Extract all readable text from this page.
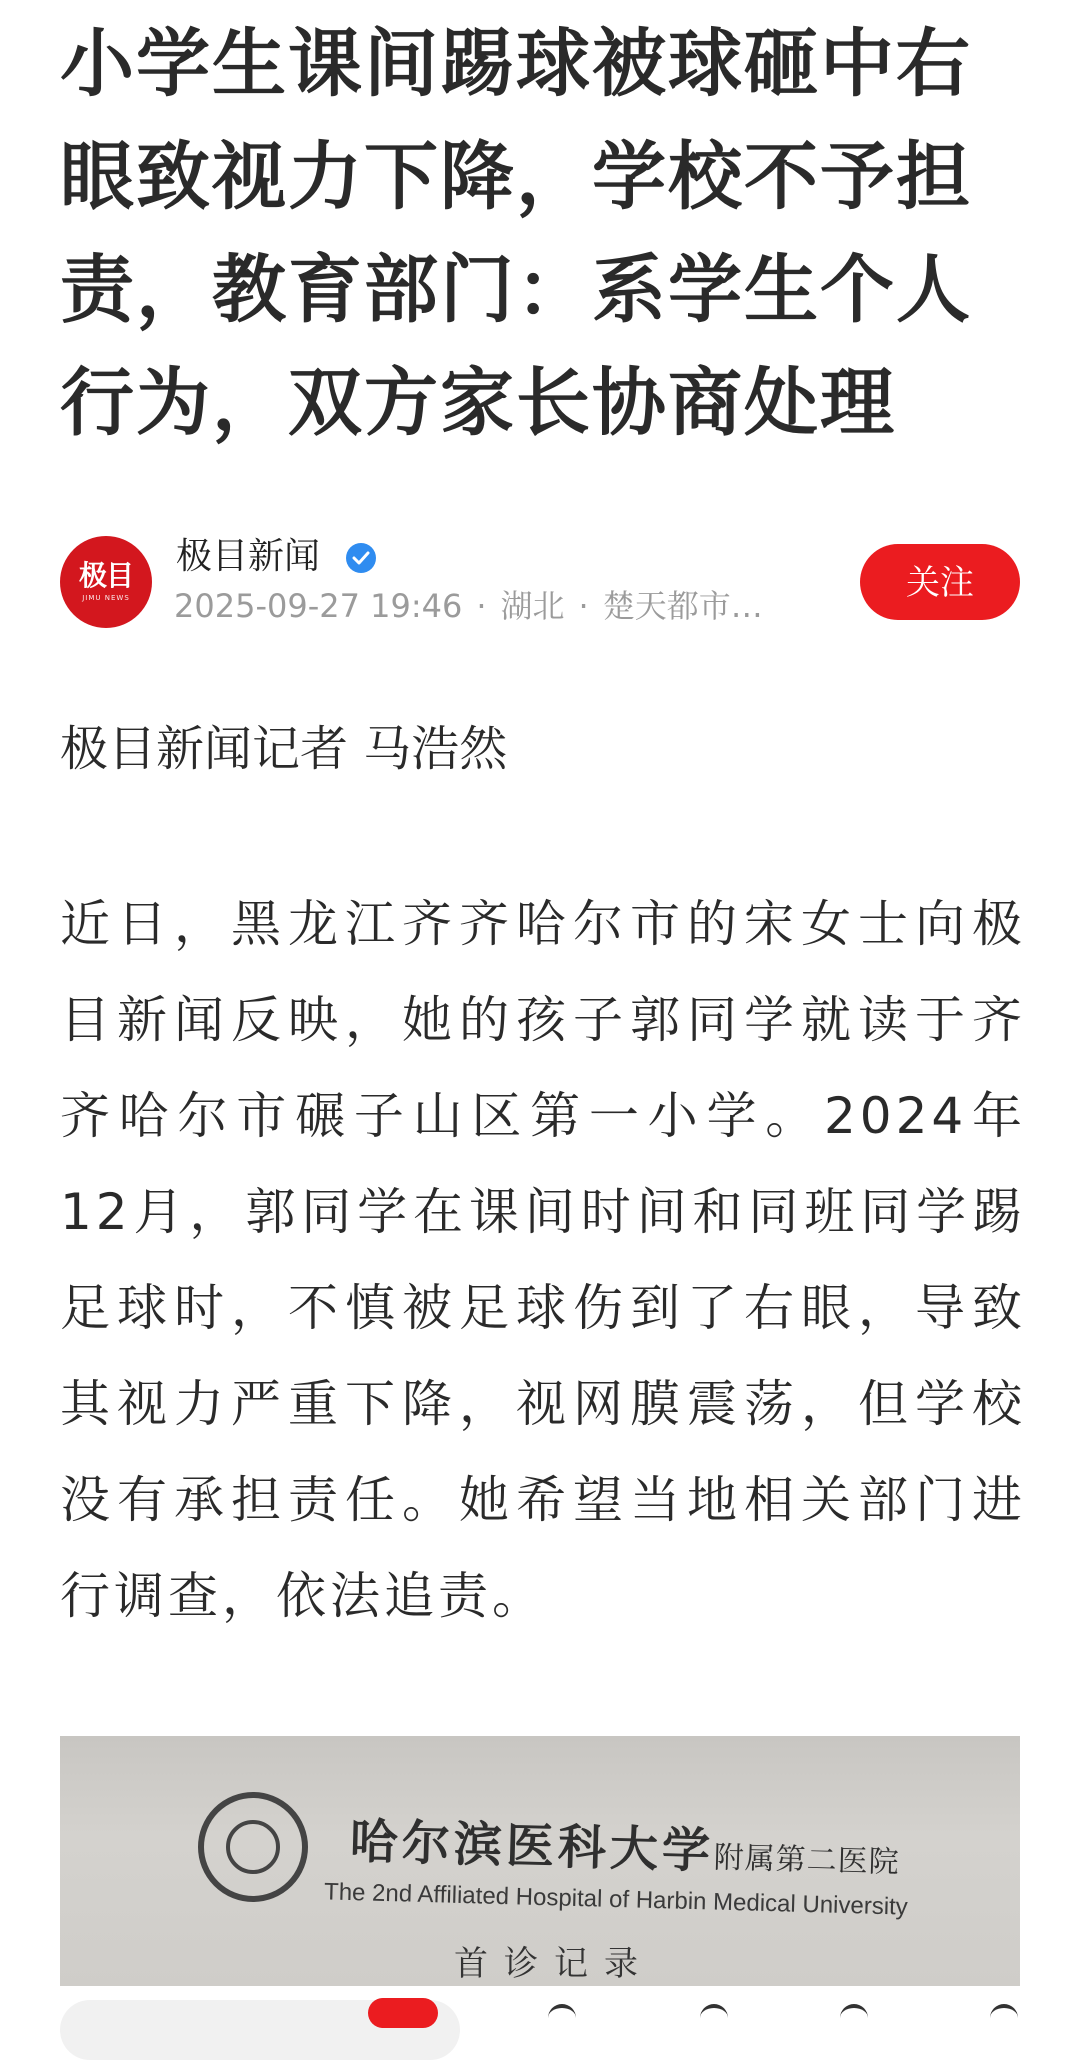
小学生课间踢球被球砸中右眼致视力下降，学校不予担责，教育部门：系学生个人行为，双方家长协商处理
极目
JIMU NEWS
极目新闻
2025-09-27 19:46 · 湖北 · 楚天都市…
关注

极目新闻记者 马浩然

近日，黑龙江齐齐哈尔市的宋女士向极目新闻反映，她的孩子郭同学就读于齐齐哈尔市碾子山区第一小学。2024年12月，郭同学在课间时间和同班同学踢足球时，不慎被足球伤到了右眼，导致其视力严重下降，视网膜震荡，但学校没有承担责任。她希望当地相关部门进行调查，依法追责。

哈尔滨医科大学附属第二医院
The 2nd Affiliated Hospital of Harbin Medical University
首诊记录
